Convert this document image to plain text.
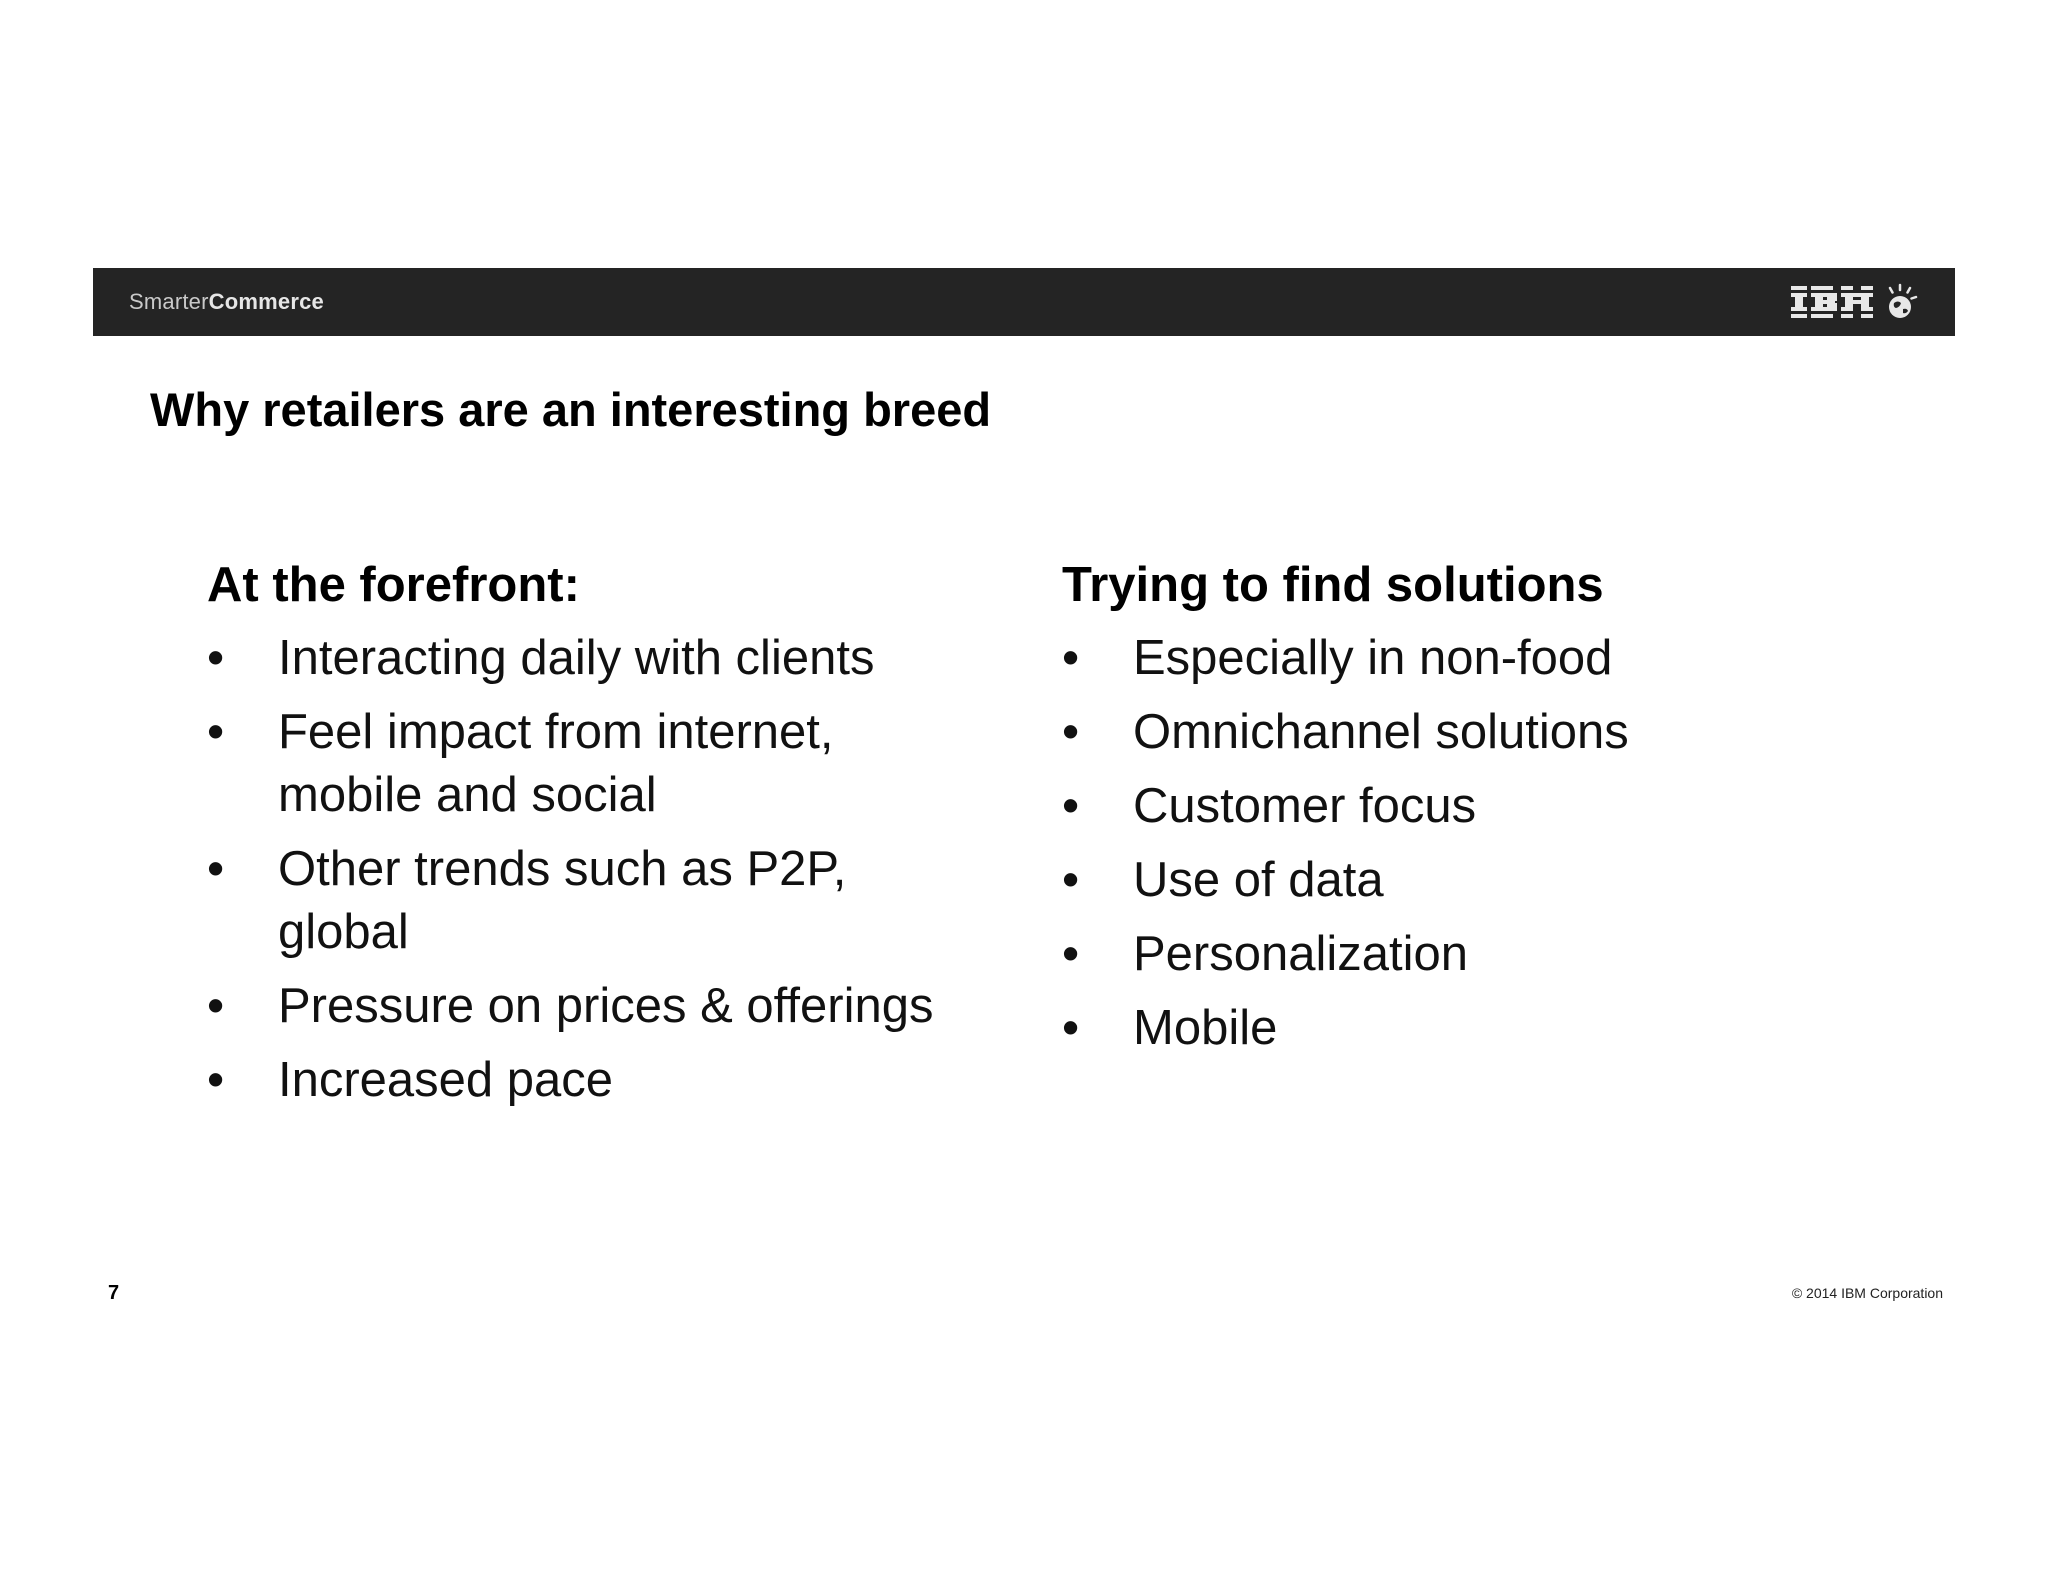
SmarterCommerce
Why retailers are an interesting breed
At the forefront:
• Interacting daily with clients
• Feel impact from internet, mobile and social
• Other trends such as P2P, global
• Pressure on prices & offerings
• Increased pace
Trying to find solutions
• Especially in non-food
• Omnichannel solutions
• Customer focus
• Use of data
• Personalization
• Mobile
7	© 2014 IBM Corporation
